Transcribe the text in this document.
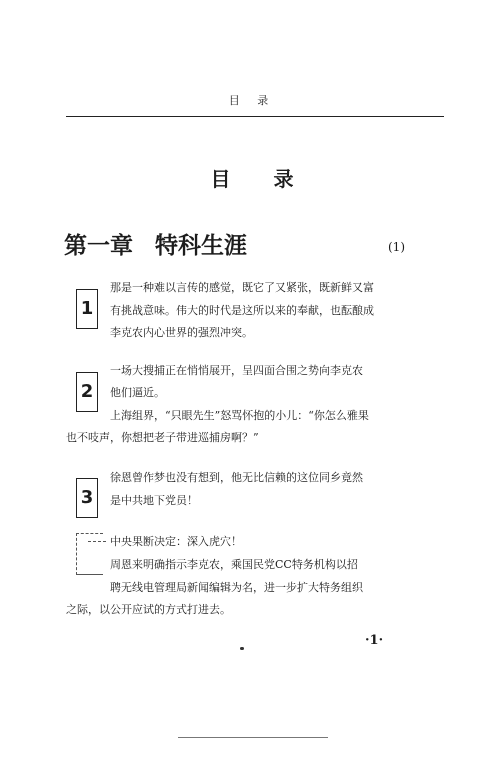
目 录
目 录
第一章 特科生涯	(1)
1
那是一种难以言传的感觉，既它了又紧张，既新鲜又富
有挑战意味。伟大的时代是这所以来的奉献，也酝酿成
李克农内心世界的强烈冲突。
2
一场大搜捕正在悄悄展开，呈四面合围之势向李克农
他们逼近。
上海组界，“只眼先生”怒骂怀抱的小儿：“你怎么雅果
也不吱声，你想把老子带进巡捕房啊？”
3
徐恩曾作梦也没有想到，他无比信赖的这位同乡竟然
是中共地下党员！
中央果断决定：深入虎穴！
周恩来明确指示李克农，乘国民党CC特务机构以招
聘无线电管理局新闻编辑为名，进一步扩大特务组织
之际，以公开应试的方式打进去。
·1·
